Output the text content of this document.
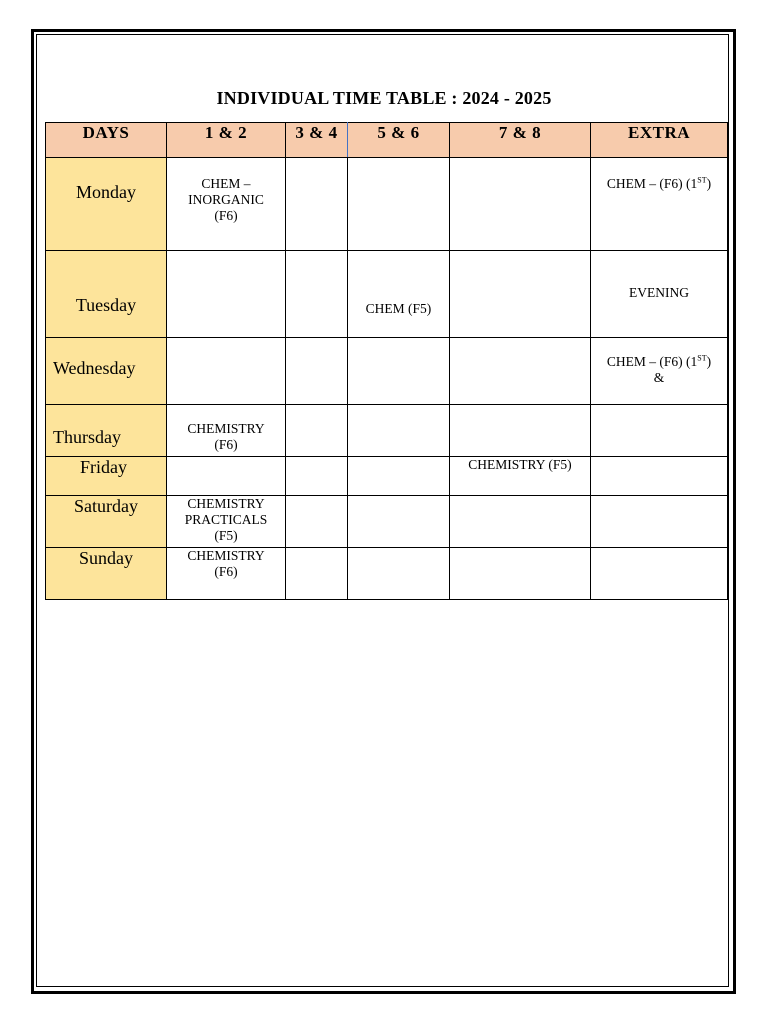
INDIVIDUAL TIME TABLE : 2024 - 2025
DAYS	1 & 2	3 & 4	5 & 6	7 & 8	EXTRA
Monday	CHEM –
INORGANIC
(F6)				CHEM – (F6) (1ST)
Tuesday			CHEM (F5)		EVENING
Wednesday					CHEM – (F6) (1ST)
&

Thursday	CHEMISTRY
(F6)				

Friday				CHEMISTRY (F5)	
Saturday	CHEMISTRY
PRACTICALS
(F5)				

Sunday	CHEMISTRY
(F6)				
